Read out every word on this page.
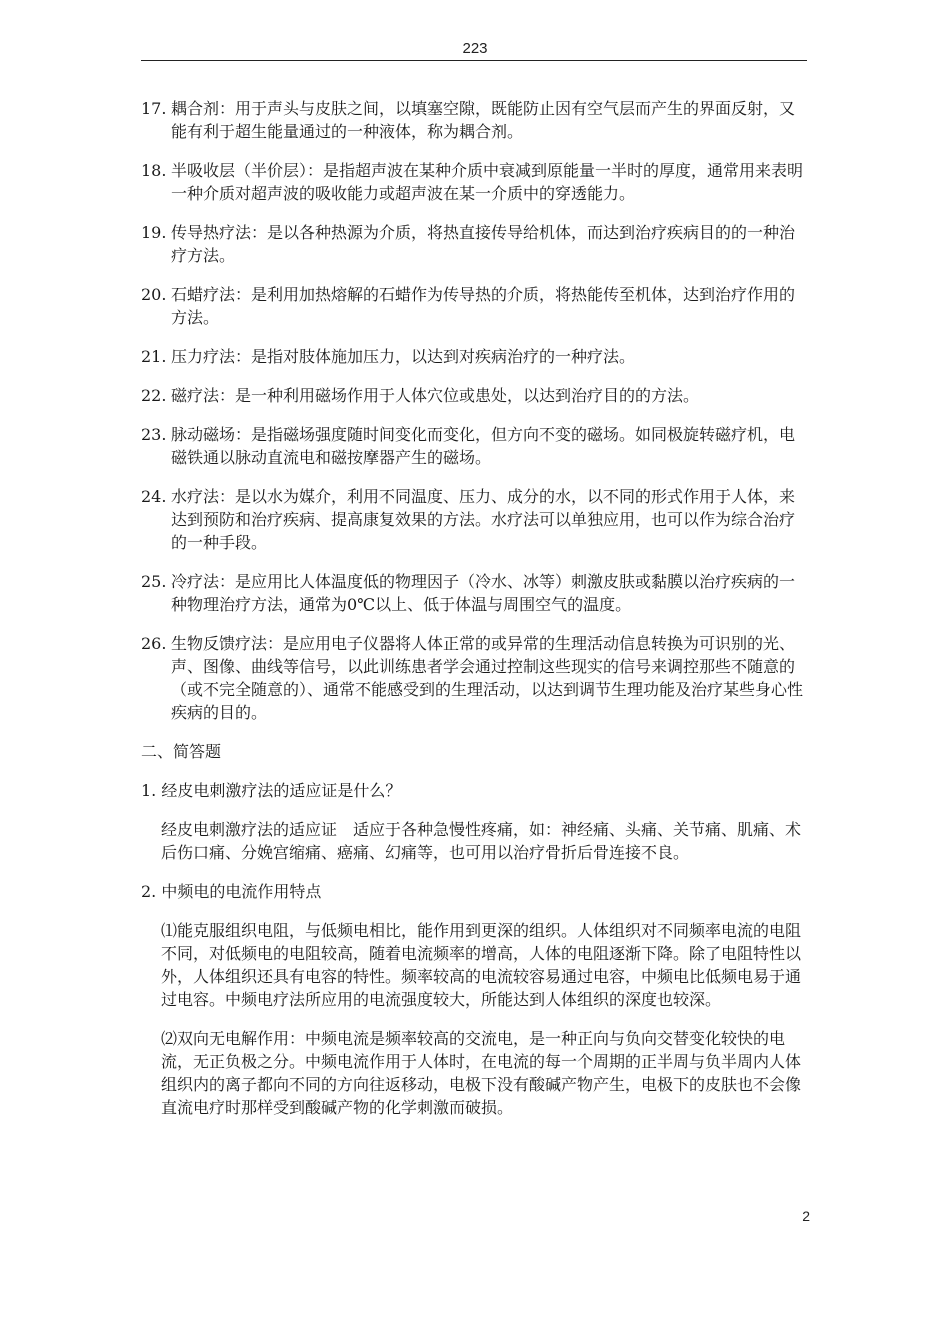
223
17. 耦合剂：用于声头与皮肤之间，以填塞空隙，既能防止因有空气层而产生的界面反射，又能有利于超生能量通过的一种液体，称为耦合剂。
18. 半吸收层（半价层）：是指超声波在某种介质中衰减到原能量一半时的厚度，通常用来表明一种介质对超声波的吸收能力或超声波在某一介质中的穿透能力。
19. 传导热疗法：是以各种热源为介质，将热直接传导给机体，而达到治疗疾病目的的一种治疗方法。
20. 石蜡疗法：是利用加热熔解的石蜡作为传导热的介质，将热能传至机体，达到治疗作用的方法。
21. 压力疗法：是指对肢体施加压力，以达到对疾病治疗的一种疗法。
22. 磁疗法：是一种利用磁场作用于人体穴位或患处，以达到治疗目的的方法。
23. 脉动磁场：是指磁场强度随时间变化而变化，但方向不变的磁场。如同极旋转磁疗机，电磁铁通以脉动直流电和磁按摩器产生的磁场。
24. 水疗法：是以水为媒介，利用不同温度、压力、成分的水，以不同的形式作用于人体，来达到预防和治疗疾病、提高康复效果的方法。水疗法可以单独应用，也可以作为综合治疗的一种手段。
25. 冷疗法：是应用比人体温度低的物理因子（冷水、冰等）刺激皮肤或黏膜以治疗疾病的一种物理治疗方法，通常为0℃以上、低于体温与周围空气的温度。
26. 生物反馈疗法：是应用电子仪器将人体正常的或异常的生理活动信息转换为可识别的光、声、图像、曲线等信号，以此训练患者学会通过控制这些现实的信号来调控那些不随意的（或不完全随意的）、通常不能感受到的生理活动，以达到调节生理功能及治疗某些身心性疾病的目的。
二、简答题
1. 经皮电刺激疗法的适应证是什么？
经皮电刺激疗法的适应证　适应于各种急慢性疼痛，如：神经痛、头痛、关节痛、肌痛、术后伤口痛、分娩宫缩痛、癌痛、幻痛等，也可用以治疗骨折后骨连接不良。
2. 中频电的电流作用特点
⑴能克服组织电阻，与低频电相比，能作用到更深的组织。人体组织对不同频率电流的电阻不同，对低频电的电阻较高，随着电流频率的增高，人体的电阻逐渐下降。除了电阻特性以外，人体组织还具有电容的特性。频率较高的电流较容易通过电容，中频电比低频电易于通过电容。中频电疗法所应用的电流强度较大，所能达到人体组织的深度也较深。
⑵双向无电解作用：中频电流是频率较高的交流电，是一种正向与负向交替变化较快的电流，无正负极之分。中频电流作用于人体时，在电流的每一个周期的正半周与负半周内人体组织内的离子都向不同的方向往返移动，电极下没有酸碱产物产生，电极下的皮肤也不会像直流电疗时那样受到酸碱产物的化学刺激而破损。
2
